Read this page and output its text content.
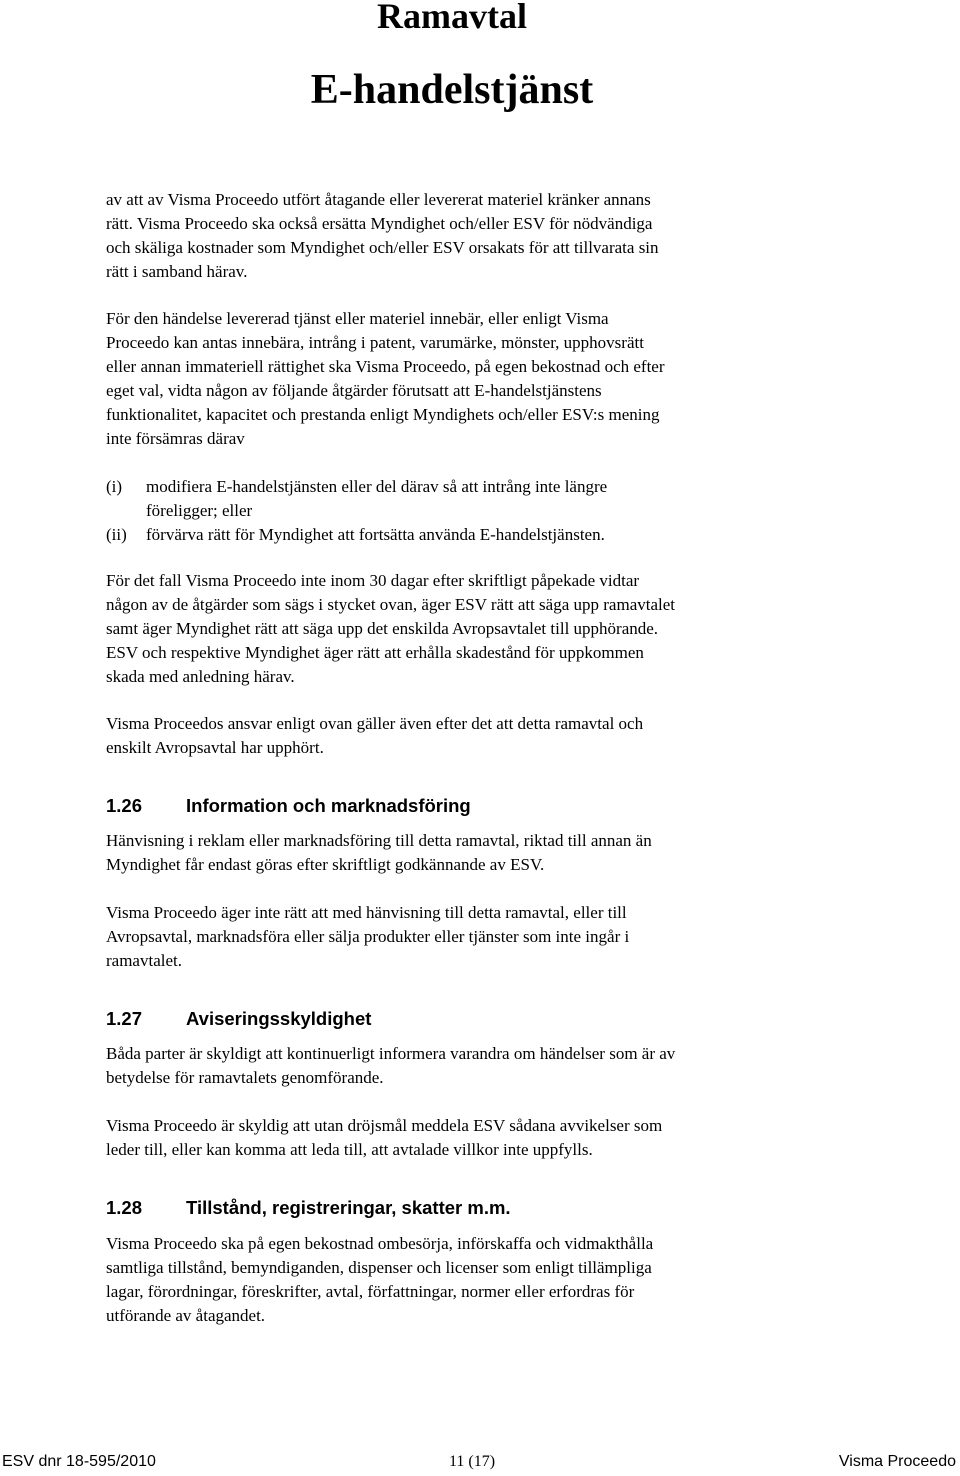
Ramavtal
E-handelstjänst

av att av Visma Proceedo utfört åtagande eller levererat materiel kränker annans
rätt. Visma Proceedo ska också ersätta Myndighet och/eller ESV för nödvändiga
och skäliga kostnader som Myndighet och/eller ESV orsakats för att tillvarata sin
rätt i samband härav.

För den händelse levererad tjänst eller materiel innebär, eller enligt Visma
Proceedo kan antas innebära, intrång i patent, varumärke, mönster, upphovsrätt
eller annan immateriell rättighet ska Visma Proceedo, på egen bekostnad och efter
eget val, vidta någon av följande åtgärder förutsatt att E-handelstjänstens
funktionalitet, kapacitet och prestanda enligt Myndighets och/eller ESV:s mening
inte försämras därav

(i) modifiera E-handelstjänsten eller del därav så att intrång inte längre
föreligger; eller
(ii) förvärva rätt för Myndighet att fortsätta använda E-handelstjänsten.

För det fall Visma Proceedo inte inom 30 dagar efter skriftligt påpekade vidtar
någon av de åtgärder som sägs i stycket ovan, äger ESV rätt att säga upp ramavtalet
samt äger Myndighet rätt att säga upp det enskilda Avropsavtalet till upphörande.
ESV och respektive Myndighet äger rätt att erhålla skadestånd för uppkommen
skada med anledning härav.

Visma Proceedos ansvar enligt ovan gäller även efter det att detta ramavtal och
enskilt Avropsavtal har upphört.

1.26 Information och marknadsföring

Hänvisning i reklam eller marknadsföring till detta ramavtal, riktad till annan än
Myndighet får endast göras efter skriftligt godkännande av ESV.

Visma Proceedo äger inte rätt att med hänvisning till detta ramavtal, eller till
Avropsavtal, marknadsföra eller sälja produkter eller tjänster som inte ingår i
ramavtalet.

1.27 Aviseringsskyldighet

Båda parter är skyldigt att kontinuerligt informera varandra om händelser som är av
betydelse för ramavtalets genomförande.

Visma Proceedo är skyldig att utan dröjsmål meddela ESV sådana avvikelser som
leder till, eller kan komma att leda till, att avtalade villkor inte uppfylls.

1.28 Tillstånd, registreringar, skatter m.m.

Visma Proceedo ska på egen bekostnad ombesörja, införskaffa och vidmakthålla
samtliga tillstånd, bemyndiganden, dispenser och licenser som enligt tillämpliga
lagar, förordningar, föreskrifter, avtal, författningar, normer eller erfordras för
utförande av åtagandet.

ESV dnr 18-595/2010	11 (17)	Visma Proceedo
